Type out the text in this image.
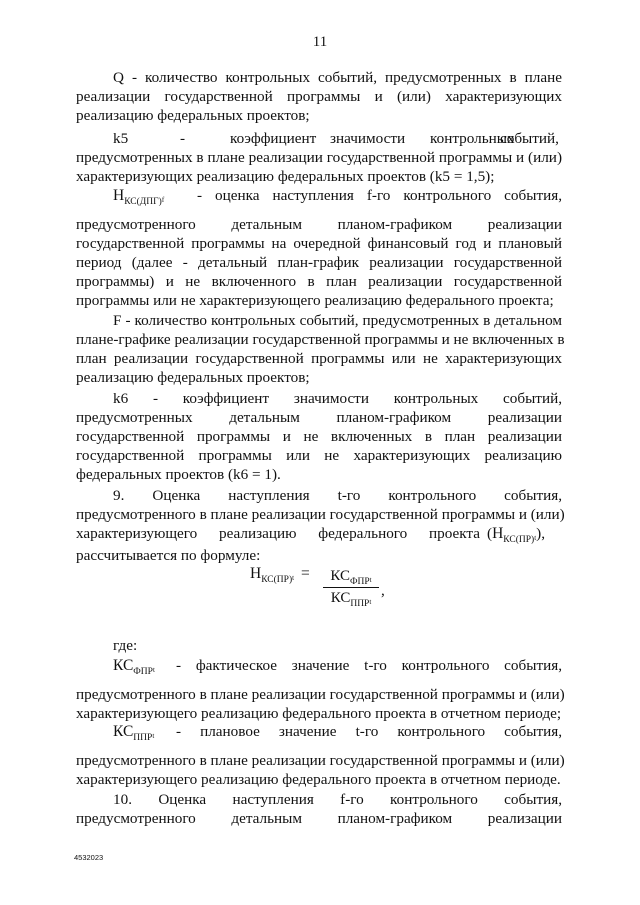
11
Q - количество контрольных событий, предусмотренных в плане
реализации государственной программы и (или) характеризующих
реализацию федеральных проектов;
k5	-	коэффициент значимости контрольных
событий,
предусмотренных в плане реализации государственной программы и (или)
характеризующих реализацию федеральных проектов (k5 = 1,5);
$Н_{КС(ДПГ)}f$ - оценка наступления f-го контрольного события,
предусмотренного детальным планом-графиком реализации
государственной программы на очередной финансовый год и плановый
период (далее - детальный план-график реализации государственной
программы) и не включенного в план реализации государственной
программы или не характеризующего реализацию федерального проекта;
F - количество контрольных событий, предусмотренных в детальном
плане-графике реализации государственной программы и не включенных в
план реализации государственной программы или не характеризующих
реализацию федеральных проектов;
k6 - коэффициент значимости контрольных событий,
предусмотренных детальным планом-графиком реализации
государственной программы и не включенных в план реализации
государственной программы или не характеризующих реализацию
федеральных проектов (k6 = 1).
9. Оценка наступления t-го контрольного события,
предусмотренного в плане реализации государственной программы и (или)
характеризующего реализацию федерального проекта $(Н_{КС(ПР)}t)$,
рассчитывается по формуле:
$Н_{КС(ПР)}t$ =	$КС_{ФПР}t$
$КС_{ППР}t$
,
где:
$КС_{ФПР}t$ - фактическое значение t-го контрольного события,
предусмотренного в плане реализации государственной программы и (или)
характеризующего реализацию федерального проекта в отчетном периоде;
$КС_{ППР}t$ - плановое значение t-го контрольного события,
предусмотренного в плане реализации государственной программы и (или)
характеризующего реализацию федерального проекта в отчетном периоде.
10. Оценка наступления f-го контрольного события,
предусмотренного детальным планом-графиком реализации
4532023
